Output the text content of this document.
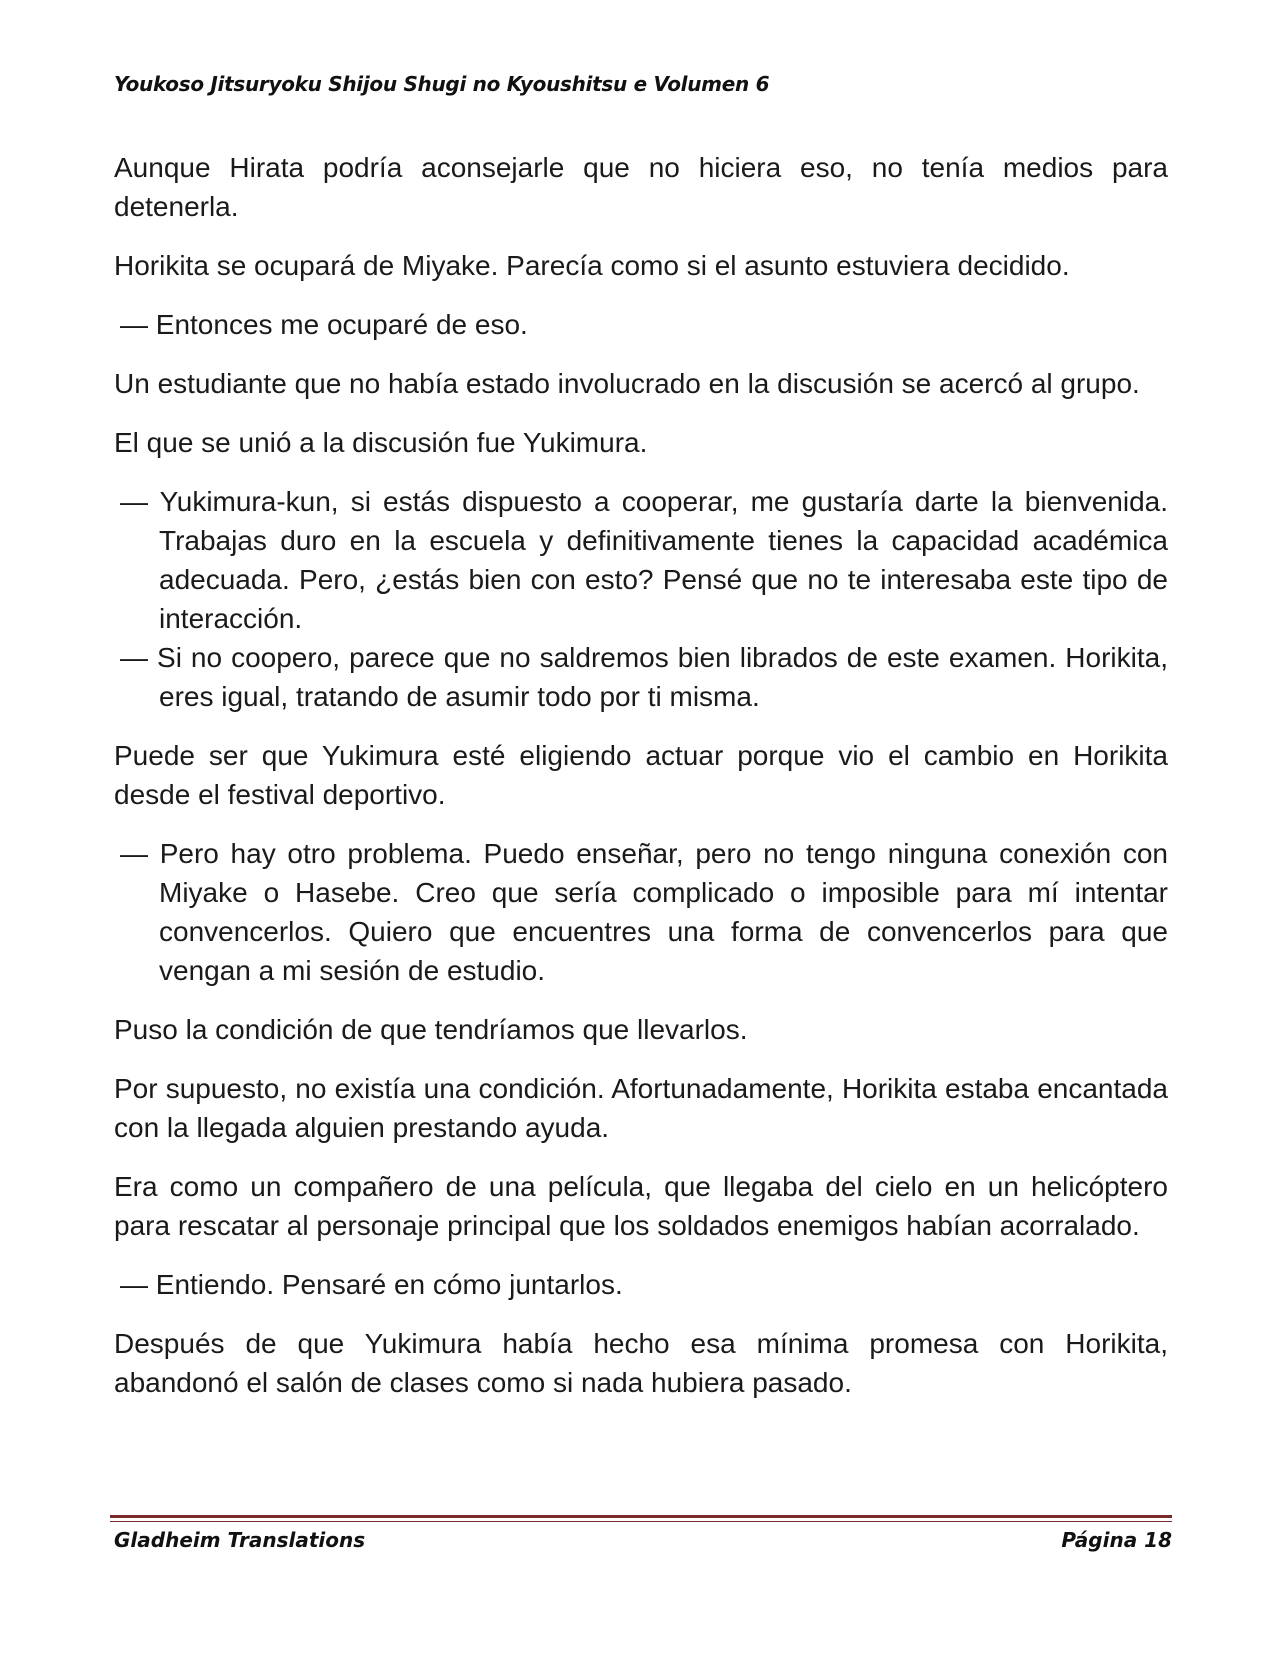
Youkoso Jitsuryoku Shijou Shugi no Kyoushitsu e Volumen 6

Aunque Hirata podría aconsejarle que no hiciera eso, no tenía medios para detenerla.

Horikita se ocupará de Miyake. Parecía como si el asunto estuviera decidido.

— Entonces me ocuparé de eso.

Un estudiante que no había estado involucrado en la discusión se acercó al grupo.

El que se unió a la discusión fue Yukimura.

— Yukimura-kun, si estás dispuesto a cooperar, me gustaría darte la bienvenida. Trabajas duro en la escuela y definitivamente tienes la capacidad académica adecuada. Pero, ¿estás bien con esto? Pensé que no te interesaba este tipo de interacción.

— Si no coopero, parece que no saldremos bien librados de este examen. Horikita, eres igual, tratando de asumir todo por ti misma.

Puede ser que Yukimura esté eligiendo actuar porque vio el cambio en Horikita desde el festival deportivo.

— Pero hay otro problema. Puedo enseñar, pero no tengo ninguna conexión con Miyake o Hasebe. Creo que sería complicado o imposible para mí intentar convencerlos. Quiero que encuentres una forma de convencerlos para que vengan a mi sesión de estudio.

Puso la condición de que tendríamos que llevarlos.

Por supuesto, no existía una condición. Afortunadamente, Horikita estaba encantada con la llegada alguien prestando ayuda.

Era como un compañero de una película, que llegaba del cielo en un helicóptero para rescatar al personaje principal que los soldados enemigos habían acorralado.

— Entiendo. Pensaré en cómo juntarlos.

Después de que Yukimura había hecho esa mínima promesa con Horikita, abandonó el salón de clases como si nada hubiera pasado.

Gladheim Translations	Página 18
